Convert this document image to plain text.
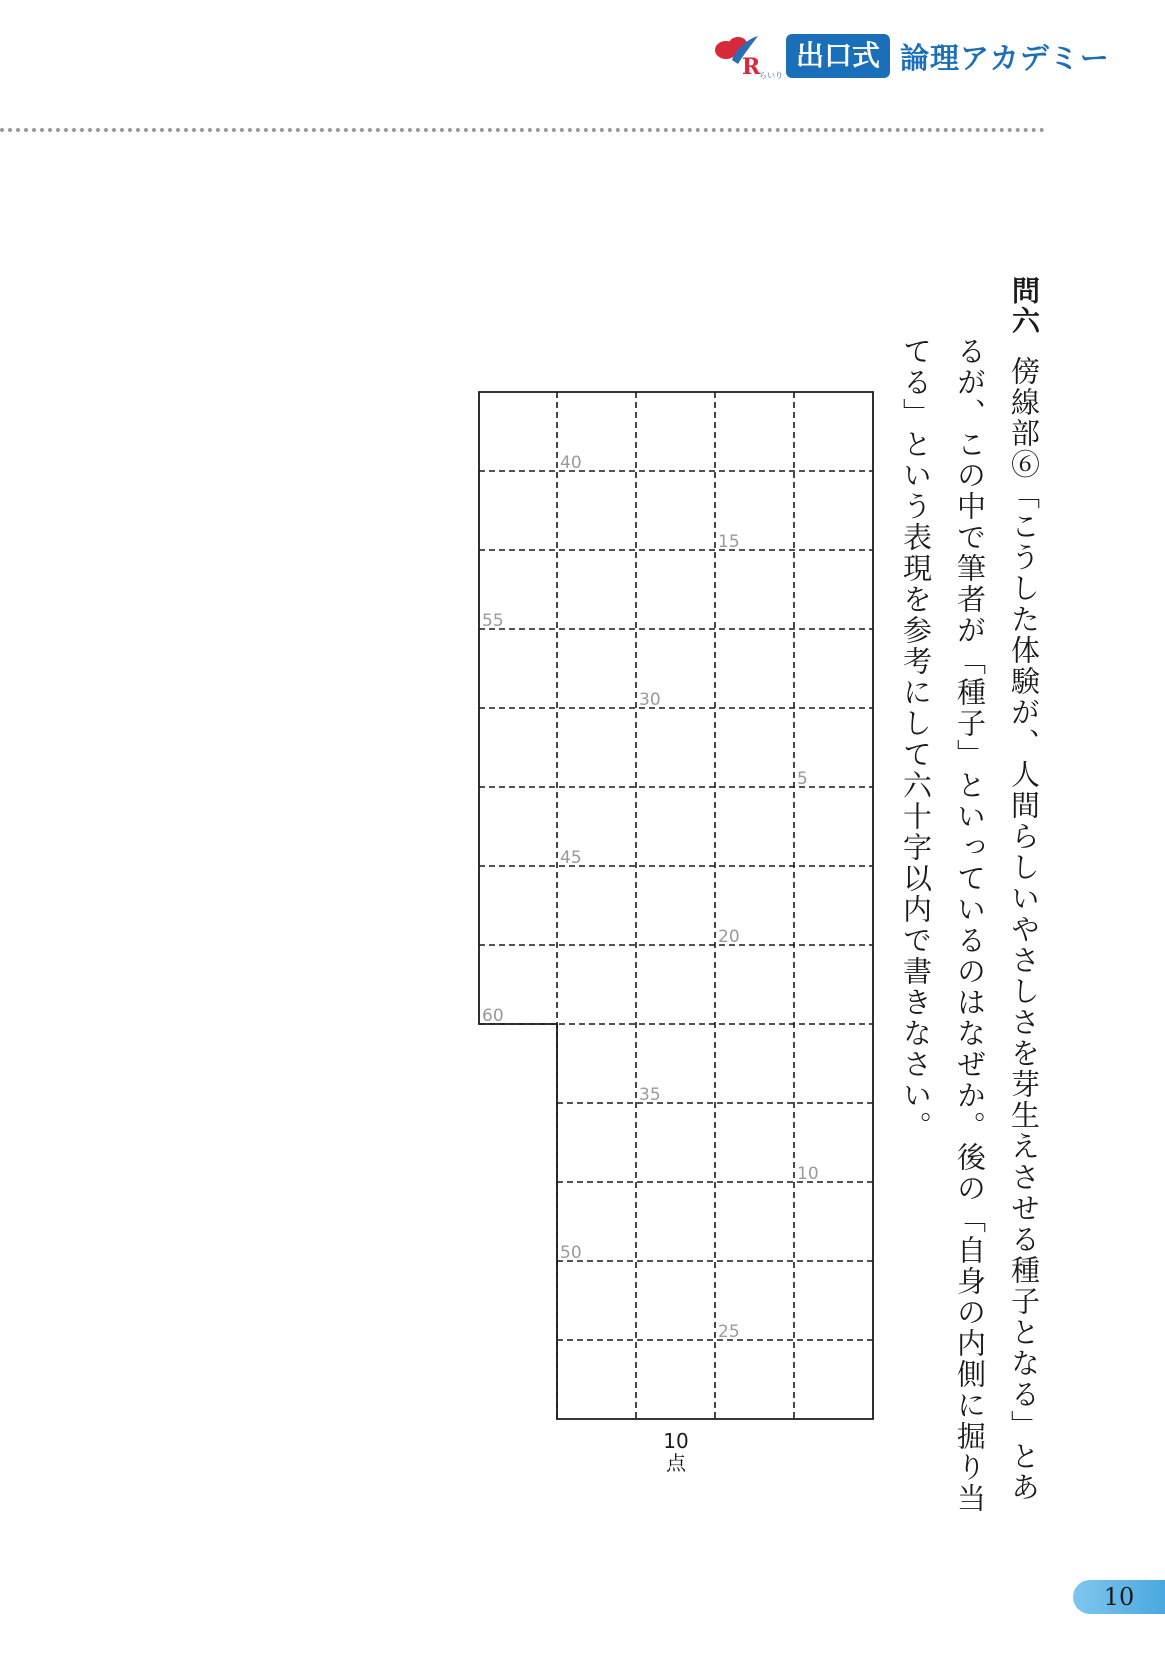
R
らいり
出口式 論理アカデミー
問六
傍線部⑥「こうした体験が、人間らしいやさしさを芽生えさせる種子となる」とあ
るが、この中で筆者が「種子」といっているのはなぜか。後の「自身の内側に掘り当
てる」という表現を参考にして六十字以内で書きなさい。
5
10
15
20
25
30
35
40
45
50
55
60
10
点
10
